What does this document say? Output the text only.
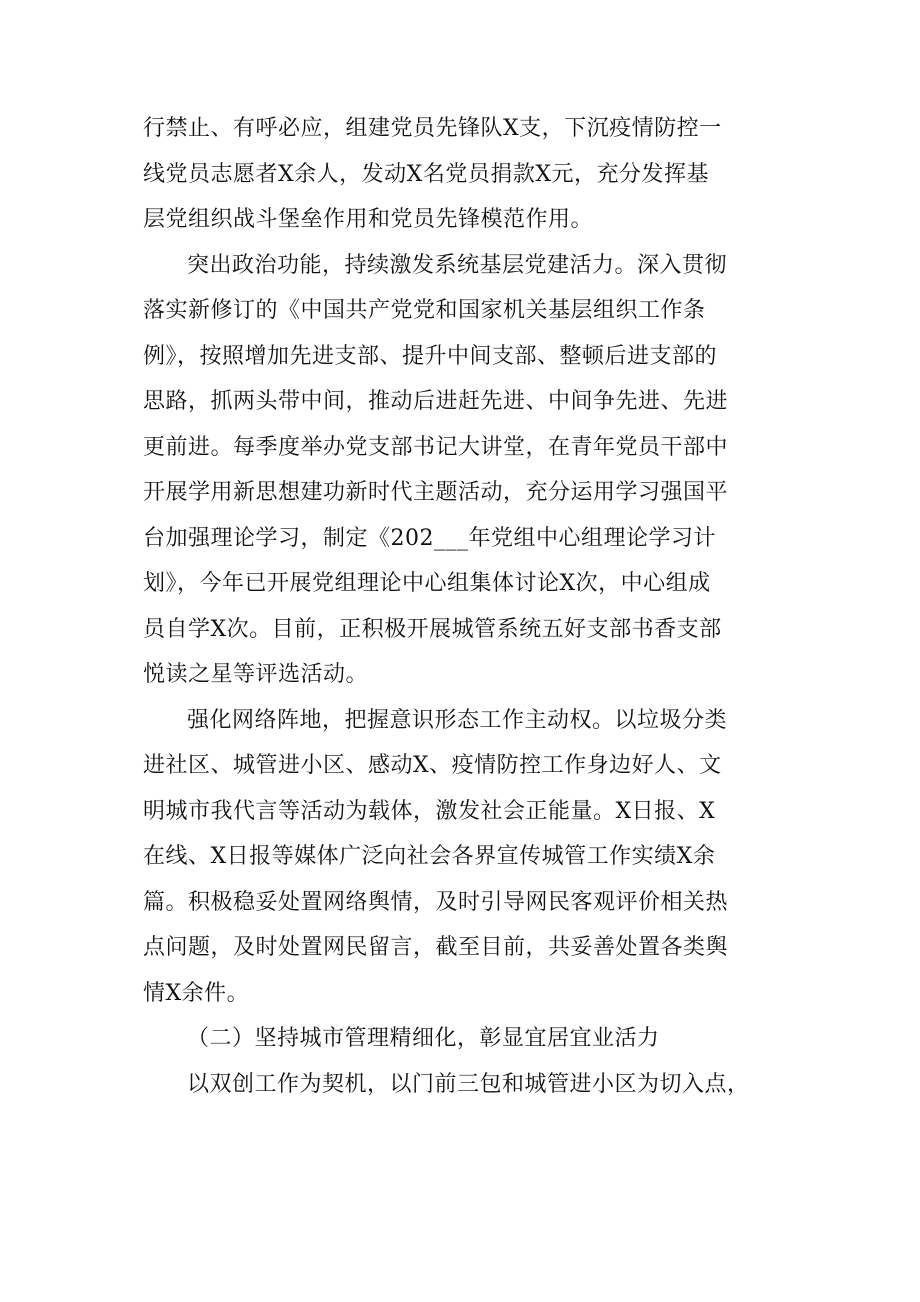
行禁止、有呼必应，组建党员先锋队X支，下沉疫情防控一
线党员志愿者X余人，发动X名党员捐款X元，充分发挥基
层党组织战斗堡垒作用和党员先锋模范作用。
突出政治功能，持续激发系统基层党建活力。深入贯彻
落实新修订的《中国共产党党和国家机关基层组织工作条
例》，按照增加先进支部、提升中间支部、整顿后进支部的
思路，抓两头带中间，推动后进赶先进、中间争先进、先进
更前进。每季度举办党支部书记大讲堂，在青年党员干部中
开展学用新思想建功新时代主题活动，充分运用学习强国平
台加强理论学习，制定《202___年党组中心组理论学习计
划》，今年已开展党组理论中心组集体讨论X次，中心组成
员自学X次。目前，正积极开展城管系统五好支部书香支部
悦读之星等评选活动。
强化网络阵地，把握意识形态工作主动权。以垃圾分类
进社区、城管进小区、感动X、疫情防控工作身边好人、文
明城市我代言等活动为载体，激发社会正能量。X日报、X
在线、X日报等媒体广泛向社会各界宣传城管工作实绩X余
篇。积极稳妥处置网络舆情，及时引导网民客观评价相关热
点问题，及时处置网民留言，截至目前，共妥善处置各类舆
情X余件。
（二）坚持城市管理精细化，彰显宜居宜业活力
以双创工作为契机，以门前三包和城管进小区为切入点，
